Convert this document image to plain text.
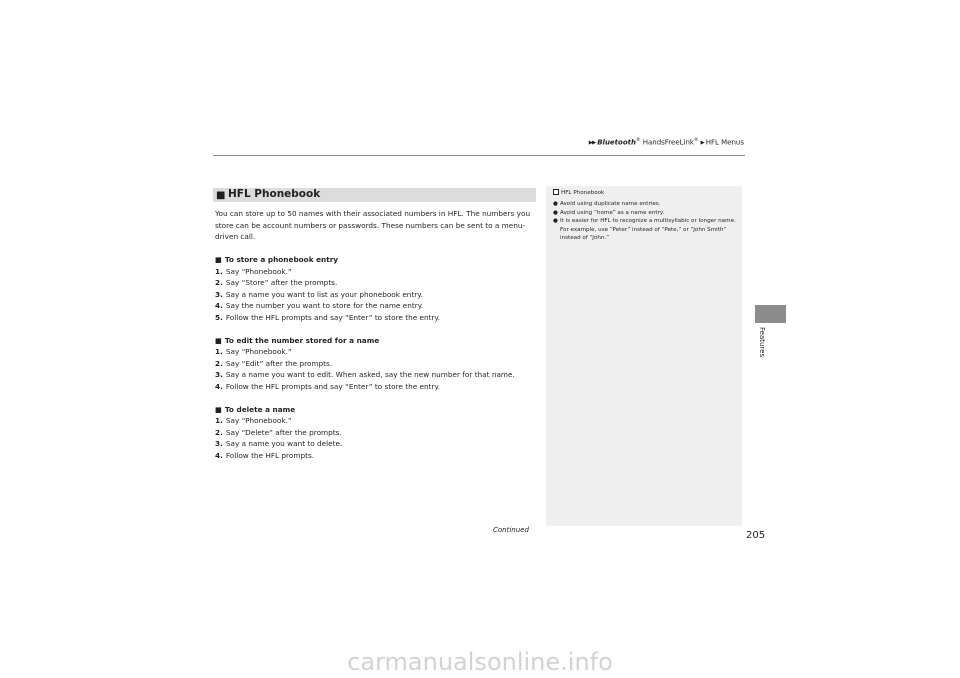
▶▶ Bluetooth® HandsFreeLink® ▶ HFL Menus
■ HFL Phonebook

You can store up to 50 names with their associated numbers in HFL. The numbers you store can be account numbers or passwords. These numbers can be sent to a menu-driven call.

■ To store a phonebook entry

1. Say “Phonebook.”

2. Say “Store” after the prompts.

3. Say a name you want to list as your phonebook entry.

4. Say the number you want to store for the name entry.

5. Follow the HFL prompts and say “Enter” to store the entry.

■ To edit the number stored for a name

1. Say “Phonebook.”

2. Say “Edit” after the prompts.

3. Say a name you want to edit. When asked, say the new number for that name.

4. Follow the HFL prompts and say “Enter” to store the entry.

■ To delete a name

1. Say “Phonebook.”

2. Say “Delete” after the prompts.

3. Say a name you want to delete.

4. Follow the HFL prompts.

HFL Phonebook
● Avoid using duplicate name entries.
● Avoid using “home” as a name entry.
● It is easier for HFL to recognize a multisyllabic or longer name. For example, use “Peter” instead of “Pete,” or “John Smith” instead of “John.”
Continued	205
Features
carmanualsonline.info
